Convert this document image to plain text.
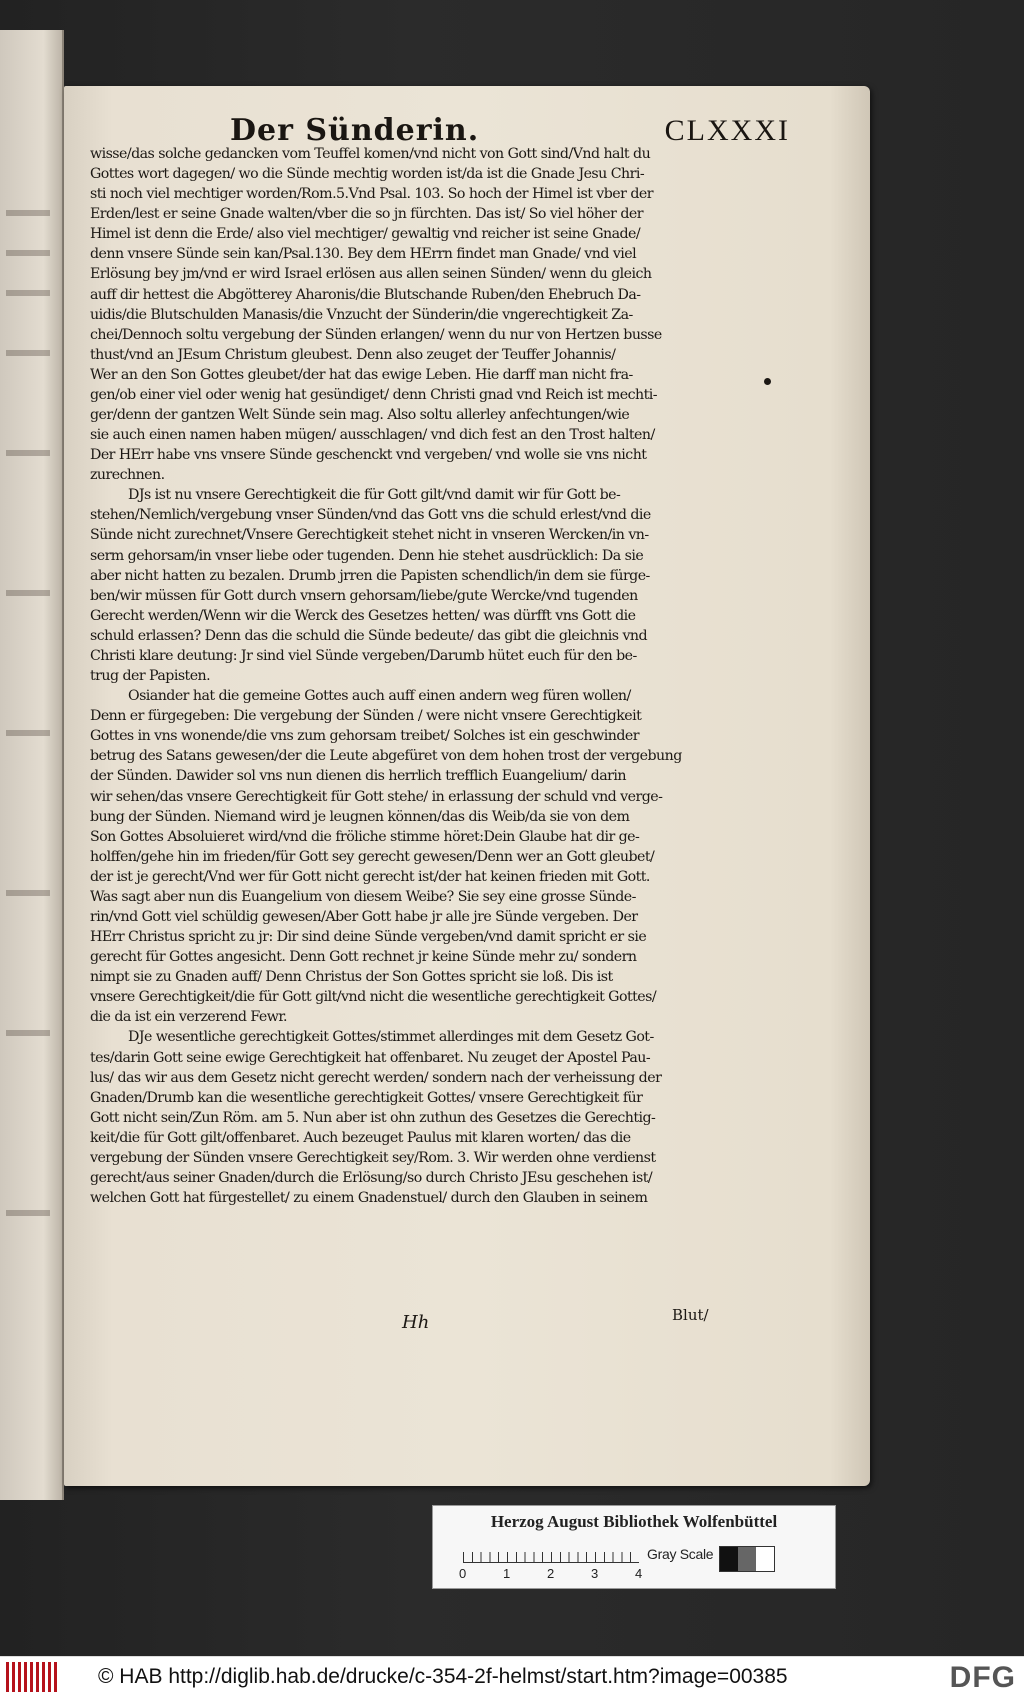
Der Sünderin.	CLXXXI
wisse/das solche gedancken vom Teuffel komen/vnd nicht von Gott sind/Vnd halt du
Gottes wort dagegen/ wo die Sünde mechtig worden ist/da ist die Gnade Jesu Chri-
sti noch viel mechtiger worden/Rom.5.Vnd Psal. 103. So hoch der Himel ist vber der
Erden/lest er seine Gnade walten/vber die so jn fürchten. Das ist/ So viel höher der
Himel ist denn die Erde/ also viel mechtiger/ gewaltig vnd reicher ist seine Gnade/
denn vnsere Sünde sein kan/Psal.130. Bey dem HErrn findet man Gnade/ vnd viel
Erlösung bey jm/vnd er wird Israel erlösen aus allen seinen Sünden/ wenn du gleich
auff dir hettest die Abgötterey Aharonis/die Blutschande Ruben/den Ehebruch Da-
uidis/die Blutschulden Manasis/die Vnzucht der Sünderin/die vngerechtigkeit Za-
chei/Dennoch soltu vergebung der Sünden erlangen/ wenn du nur von Hertzen busse
thust/vnd an JEsum Christum gleubest. Denn also zeuget der Teuffer Johannis/
Wer an den Son Gottes gleubet/der hat das ewige Leben. Hie darff man nicht fra-
gen/ob einer viel oder wenig hat gesündiget/ denn Christi gnad vnd Reich ist mechti-
ger/denn der gantzen Welt Sünde sein mag. Also soltu allerley anfechtungen/wie
sie auch einen namen haben mügen/ ausschlagen/ vnd dich fest an den Trost halten/
Der HErr habe vns vnsere Sünde geschenckt vnd vergeben/ vnd wolle sie vns nicht
zurechnen.
DJs ist nu vnsere Gerechtigkeit die für Gott gilt/vnd damit wir für Gott be-
stehen/Nemlich/vergebung vnser Sünden/vnd das Gott vns die schuld erlest/vnd die
Sünde nicht zurechnet/Vnsere Gerechtigkeit stehet nicht in vnseren Wercken/in vn-
serm gehorsam/in vnser liebe oder tugenden. Denn hie stehet ausdrücklich: Da sie
aber nicht hatten zu bezalen. Drumb jrren die Papisten schendlich/in dem sie fürge-
ben/wir müssen für Gott durch vnsern gehorsam/liebe/gute Wercke/vnd tugenden
Gerecht werden/Wenn wir die Werck des Gesetzes hetten/ was dürfft vns Gott die
schuld erlassen? Denn das die schuld die Sünde bedeute/ das gibt die gleichnis vnd
Christi klare deutung: Jr sind viel Sünde vergeben/Darumb hütet euch für den be-
trug der Papisten.
Osiander hat die gemeine Gottes auch auff einen andern weg füren wollen/
Denn er fürgegeben: Die vergebung der Sünden / were nicht vnsere Gerechtigkeit
Gottes in vns wonende/die vns zum gehorsam treibet/ Solches ist ein geschwinder
betrug des Satans gewesen/der die Leute abgefüret von dem hohen trost der vergebung
der Sünden. Dawider sol vns nun dienen dis herrlich trefflich Euangelium/ darin
wir sehen/das vnsere Gerechtigkeit für Gott stehe/ in erlassung der schuld vnd verge-
bung der Sünden. Niemand wird je leugnen können/das dis Weib/da sie von dem
Son Gottes Absoluieret wird/vnd die fröliche stimme höret:Dein Glaube hat dir ge-
holffen/gehe hin im frieden/für Gott sey gerecht gewesen/Denn wer an Gott gleubet/
der ist je gerecht/Vnd wer für Gott nicht gerecht ist/der hat keinen frieden mit Gott.
Was sagt aber nun dis Euangelium von diesem Weibe? Sie sey eine grosse Sünde-
rin/vnd Gott viel schüldig gewesen/Aber Gott habe jr alle jre Sünde vergeben. Der
HErr Christus spricht zu jr: Dir sind deine Sünde vergeben/vnd damit spricht er sie
gerecht für Gottes angesicht. Denn Gott rechnet jr keine Sünde mehr zu/ sondern
nimpt sie zu Gnaden auff/ Denn Christus der Son Gottes spricht sie loß. Dis ist
vnsere Gerechtigkeit/die für Gott gilt/vnd nicht die wesentliche gerechtigkeit Gottes/
die da ist ein verzerend Fewr.
DJe wesentliche gerechtigkeit Gottes/stimmet allerdinges mit dem Gesetz Got-
tes/darin Gott seine ewige Gerechtigkeit hat offenbaret. Nu zeuget der Apostel Pau-
lus/ das wir aus dem Gesetz nicht gerecht werden/ sondern nach der verheissung der
Gnaden/Drumb kan die wesentliche gerechtigkeit Gottes/ vnsere Gerechtigkeit für
Gott nicht sein/Zun Röm. am 5. Nun aber ist ohn zuthun des Gesetzes die Gerechtig-
keit/die für Gott gilt/offenbaret. Auch bezeuget Paulus mit klaren worten/ das die
vergebung der Sünden vnsere Gerechtigkeit sey/Rom. 3. Wir werden ohne verdienst
gerecht/aus seiner Gnaden/durch die Erlösung/so durch Christo JEsu geschehen ist/
welchen Gott hat fürgestellet/ zu einem Gnadenstuel/ durch den Glauben in seinem
Hh	Blut/
Herzog August Bibliothek Wolfenbüttel
0	1	2	3	4
Gray Scale
© HAB http://diglib.hab.de/drucke/c-354-2f-helmst/start.htm?image=00385	DFG
